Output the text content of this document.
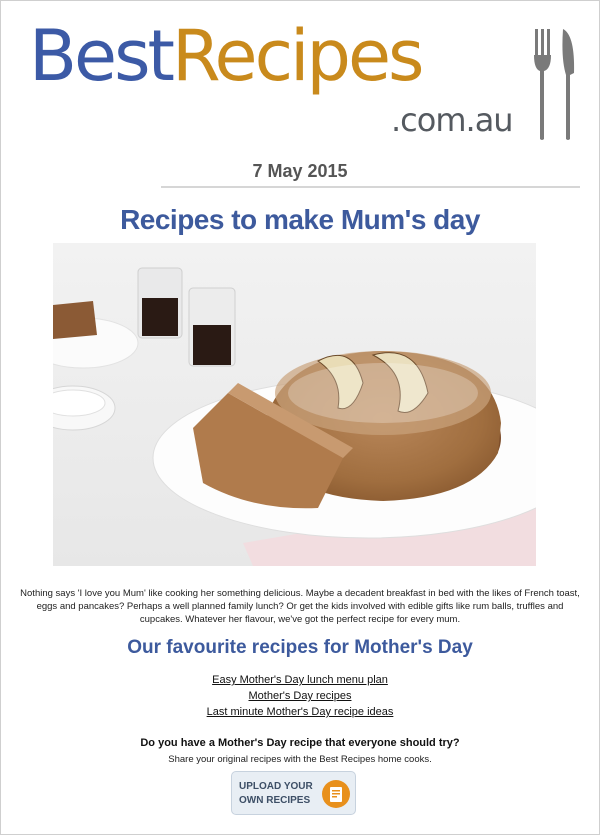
BestRecipes
.com.au
7 May 2015
Recipes to make Mum's day
Nothing says 'I love you Mum' like cooking her something delicious. Maybe a decadent breakfast in bed with the likes of French toast, eggs and pancakes? Perhaps a well planned family lunch? Or get the kids involved with edible gifts like rum balls, truffles and cupcakes. Whatever her flavour, we've got the perfect recipe for every mum.
Our favourite recipes for Mother's Day
Easy Mother's Day lunch menu plan
Mother's Day recipes
Last minute Mother's Day recipe ideas
Do you have a Mother's Day recipe that everyone should try?
Share your original recipes with the Best Recipes home cooks.
UPLOAD YOUR OWN RECIPES
